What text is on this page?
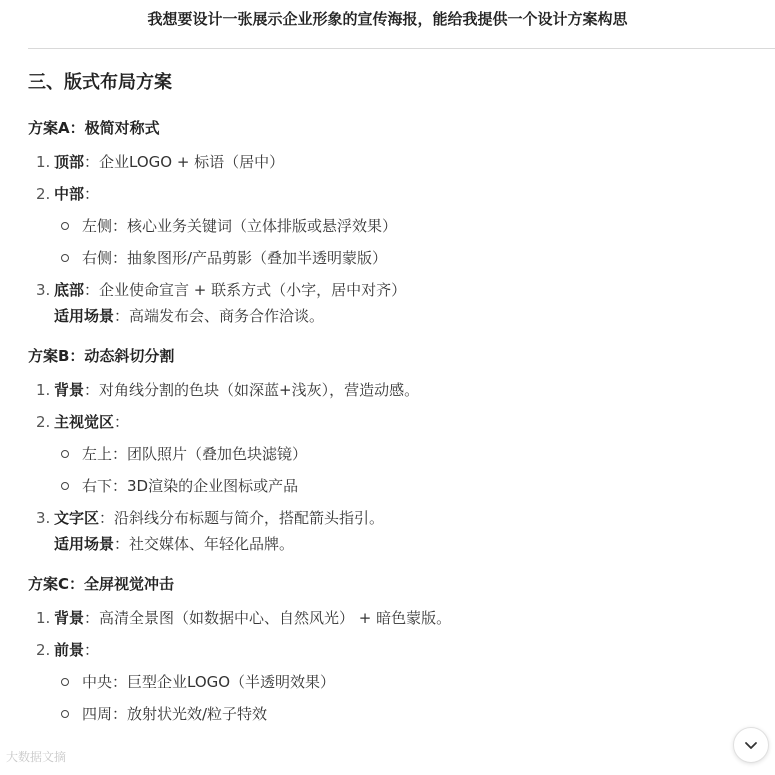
我想要设计一张展示企业形象的宣传海报，能给我提供一个设计方案构思
三、版式布局方案
方案A：极简对称式
1. 顶部：企业LOGO + 标语（居中）
2. 中部：
左侧：核心业务关键词（立体排版或悬浮效果）
右侧：抽象图形/产品剪影（叠加半透明蒙版）
3. 底部：企业使命宣言 + 联系方式（小字，居中对齐）
适用场景：高端发布会、商务合作洽谈。
方案B：动态斜切分割
1. 背景：对角线分割的色块（如深蓝+浅灰），营造动感。
2. 主视觉区：
左上：团队照片（叠加色块滤镜）
右下：3D渲染的企业图标或产品
3. 文字区：沿斜线分布标题与简介，搭配箭头指引。
适用场景：社交媒体、年轻化品牌。
方案C：全屏视觉冲击
1. 背景：高清全景图（如数据中心、自然风光） + 暗色蒙版。
2. 前景：
中央：巨型企业LOGO（半透明效果）
四周：放射状光效/粒子特效
大数据文摘
